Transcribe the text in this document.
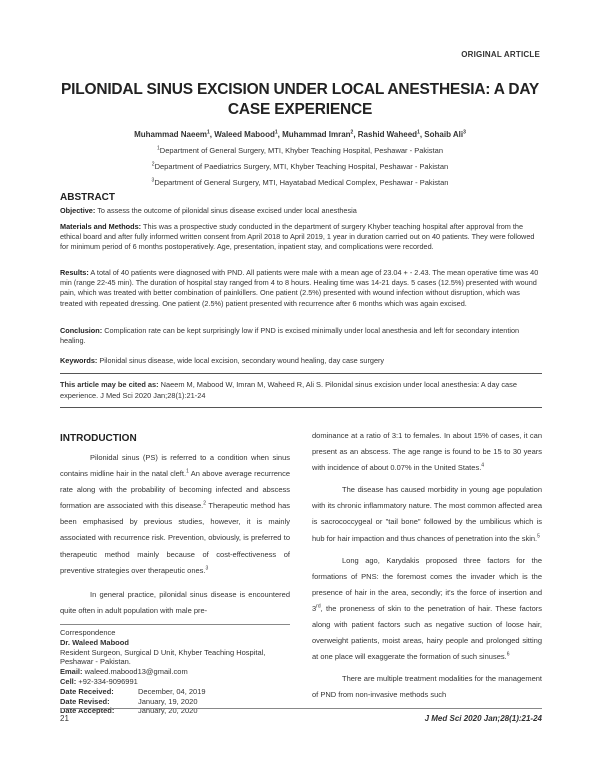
ORIGINAL ARTICLE
PILONIDAL SINUS EXCISION UNDER LOCAL ANESTHESIA: A DAY
CASE EXPERIENCE
Muhammad Naeem$^1$, Waleed Mabood$^1$, Muhammad Imran$^2$, Rashid Waheed$^1$, Sohaib Ali$^3$
$^1$Department of General Surgery, MTI, Khyber Teaching Hospital, Peshawar - Pakistan
$^2$Department of Paediatrics Surgery, MTI, Khyber Teaching Hospital, Peshawar - Pakistan
$^3$Department of General Surgery, MTI, Hayatabad Medical Complex, Peshawar - Pakistan
ABSTRACT
Objective: To assess the outcome of pilonidal sinus disease excised under local anesthesia
Materials and Methods: This was a prospective study conducted in the department of surgery Khyber teaching hospital after approval from the ethical board and after fully informed written consent from April 2018 to April 2019, 1 year in duration carried out on 40 patients. They were followed for minimum period of 6 months postoperatively. Age, presentation, inpatient stay, and complications were recorded.
Results: A total of 40 patients were diagnosed with PND. All patients were male with a mean age of 23.04 + - 2.43. The mean operative time was 40 min (range 22-45 min). The duration of hospital stay ranged from 4 to 8 hours. Healing time was 14-21 days. 5 cases (12.5%) presented with wound pain, which was treated with better combination of painkillers. One patient (2.5%) presented with wound infection without disruption, which was treated with repeated dressing. One patient (2.5%) patient presented with recurrence after 6 months which was again excised.
Conclusion: Complication rate can be kept surprisingly low if PND is excised minimally under local anesthesia and left for secondary intention healing.
Keywords: Pilonidal sinus disease, wide local excision, secondary wound healing, day case surgery
This article may be cited as: Naeem M, Mabood W, Imran M, Waheed R, Ali S. Pilonidal sinus excision under local anesthesia: A day case experience. J Med Sci 2020 Jan;28(1):21-24
INTRODUCTION

Pilonidal sinus (PS) is referred to a condition when sinus contains midline hair in the natal cleft.$^1$ An above average recurrence rate along with the probability of becoming infected and abscess formation are associated with this disease.$^2$ Therapeutic method has been emphasised by previous studies, however, it is mainly associated with recurrence risk. Prevention, obviously, is preferred to therapeutic method mainly because of cost-effectiveness of preventive strategies over therapeutic ones.$^3$

In general practice, pilonidal sinus disease is encountered quite often in adult population with male pre-

Correspondence
Dr. Waleed Mabood
Resident Surgeon, Surgical D Unit, Khyber Teaching Hospital, Peshawar - Pakistan.
Email: waleed.mabood13@gmail.com
Cell: +92-334-9096991
Date Received:	December, 04, 2019
Date Revised:	January, 19, 2020
Date Accepted:	January, 20, 2020

dominance at a ratio of 3:1 to females. In about 15% of cases, it can present as an abscess. The age range is found to be 15 to 30 years with incidence of about 0.07% in the United States.$^4$

The disease has caused morbidity in young age population with its chronic inflammatory nature. The most common affected area is sacrococcygeal or "tail bone" followed by the umbilicus which is hub for hair impaction and thus chances of penetration into the skin.$^5$

Long ago, Karydakis proposed three factors for the formations of PNS: the foremost comes the invader which is the presence of hair in the area, secondly; it's the force of insertion and 3rd, the proneness of skin to the penetration of hair. These factors along with patient factors such as negative suction of loose hair, overweight patients, moist areas, hairy people and prolonged sitting at one place will exaggerate the formation of such sinuses.$^6$

There are multiple treatment modalities for the management of PND from non-invasive methods such

21	J Med Sci 2020 Jan;28(1):21-24
